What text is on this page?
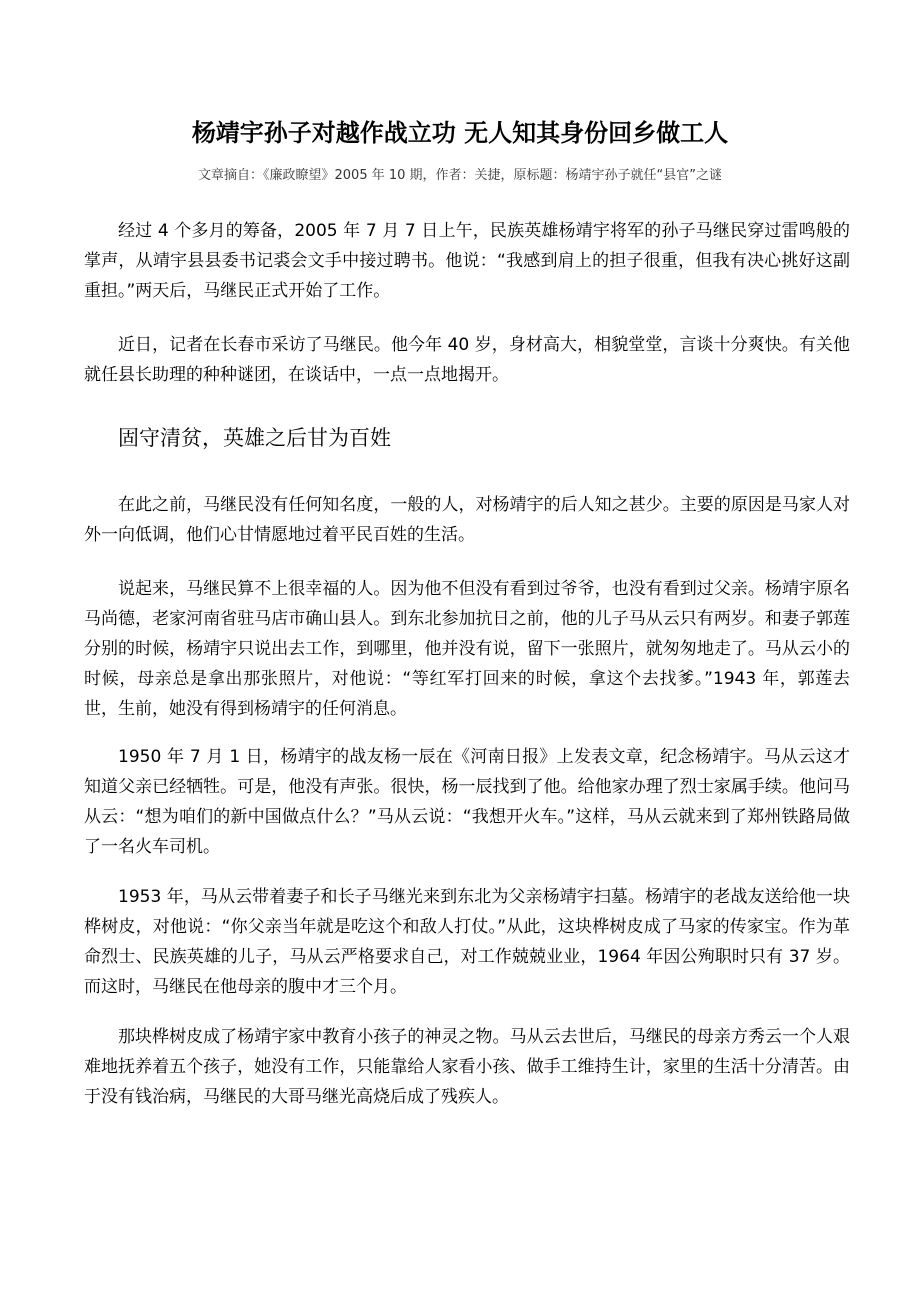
杨靖宇孙子对越作战立功 无人知其身份回乡做工人

文章摘自：《廉政瞭望》2005 年 10 期，作者：关捷，原标题：杨靖宇孙子就任“县官”之谜

经过 4 个多月的筹备，2005 年 7 月 7 日上午，民族英雄杨靖宇将军的孙子马继民穿过雷鸣般的掌声，从靖宇县县委书记裘会文手中接过聘书。他说：“我感到肩上的担子很重，但我有决心挑好这副重担。”两天后，马继民正式开始了工作。

近日，记者在长春市采访了马继民。他今年 40 岁，身材高大，相貌堂堂，言谈十分爽快。有关他就任县长助理的种种谜团，在谈话中，一点一点地揭开。

固守清贫，英雄之后甘为百姓

在此之前，马继民没有任何知名度，一般的人，对杨靖宇的后人知之甚少。主要的原因是马家人对外一向低调，他们心甘情愿地过着平民百姓的生活。

说起来，马继民算不上很幸福的人。因为他不但没有看到过爷爷，也没有看到过父亲。杨靖宇原名马尚德，老家河南省驻马店市确山县人。到东北参加抗日之前，他的儿子马从云只有两岁。和妻子郭莲分别的时候，杨靖宇只说出去工作，到哪里，他并没有说，留下一张照片，就匆匆地走了。马从云小的时候，母亲总是拿出那张照片，对他说：“等红军打回来的时候，拿这个去找爹。”1943 年，郭莲去世，生前，她没有得到杨靖宇的任何消息。

1950 年 7 月 1 日，杨靖宇的战友杨一辰在《河南日报》上发表文章，纪念杨靖宇。马从云这才知道父亲已经牺牲。可是，他没有声张。很快，杨一辰找到了他。给他家办理了烈士家属手续。他问马从云：“想为咱们的新中国做点什么？”马从云说：“我想开火车。”这样，马从云就来到了郑州铁路局做了一名火车司机。

1953 年，马从云带着妻子和长子马继光来到东北为父亲杨靖宇扫墓。杨靖宇的老战友送给他一块桦树皮，对他说：“你父亲当年就是吃这个和敌人打仗。”从此，这块桦树皮成了马家的传家宝。作为革命烈士、民族英雄的儿子，马从云严格要求自己，对工作兢兢业业，1964 年因公殉职时只有 37 岁。而这时，马继民在他母亲的腹中才三个月。

那块桦树皮成了杨靖宇家中教育小孩子的神灵之物。马从云去世后，马继民的母亲方秀云一个人艰难地抚养着五个孩子，她没有工作，只能靠给人家看小孩、做手工维持生计，家里的生活十分清苦。由于没有钱治病，马继民的大哥马继光高烧后成了残疾人。
